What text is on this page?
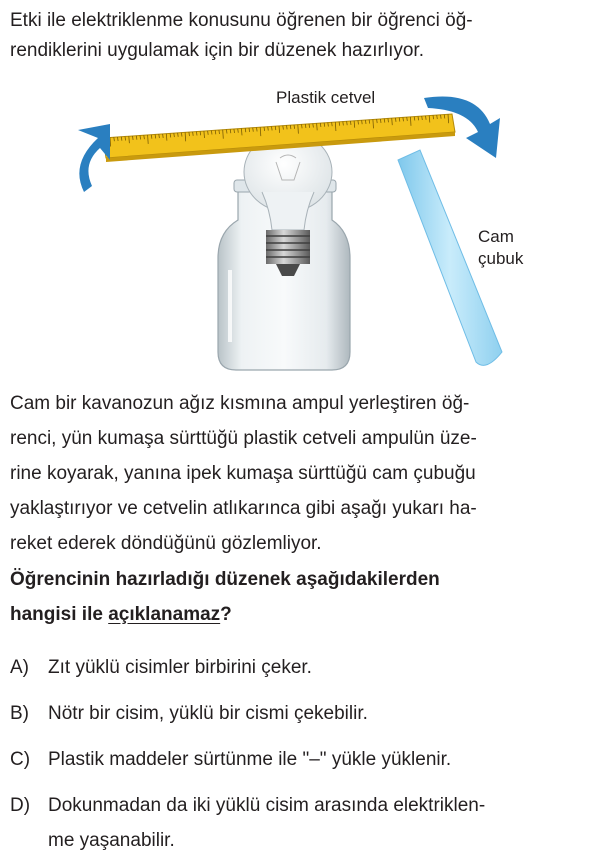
Etki ile elektriklenme konusunu öğrenen bir öğrenci öğ-
rendiklerini uygulamak için bir düzenek hazırlıyor.

Plastik cetvel
Cam
çubuk

Cam bir kavanozun ağız kısmına ampul yerleştiren öğ-
renci, yün kumaşa sürttüğü plastik cetveli ampulün üze-
rine koyarak, yanına ipek kumaşa sürttüğü cam çubuğu
yaklaştırıyor ve cetvelin atlıkarınca gibi aşağı yukarı ha-
reket ederek döndüğünü gözlemliyor.

Öğrencinin hazırladığı düzenek aşağıdakilerden
hangisi ile açıklanamaz?
A)	Zıt yüklü cisimler birbirini çeker.
B)	Nötr bir cisim, yüklü bir cismi çekebilir.
C) Plastik maddeler sürtünme ile "–" yükle yüklenir.
D) Dokunmadan da iki yüklü cisim arasında elektriklen-
me yaşanabilir.
